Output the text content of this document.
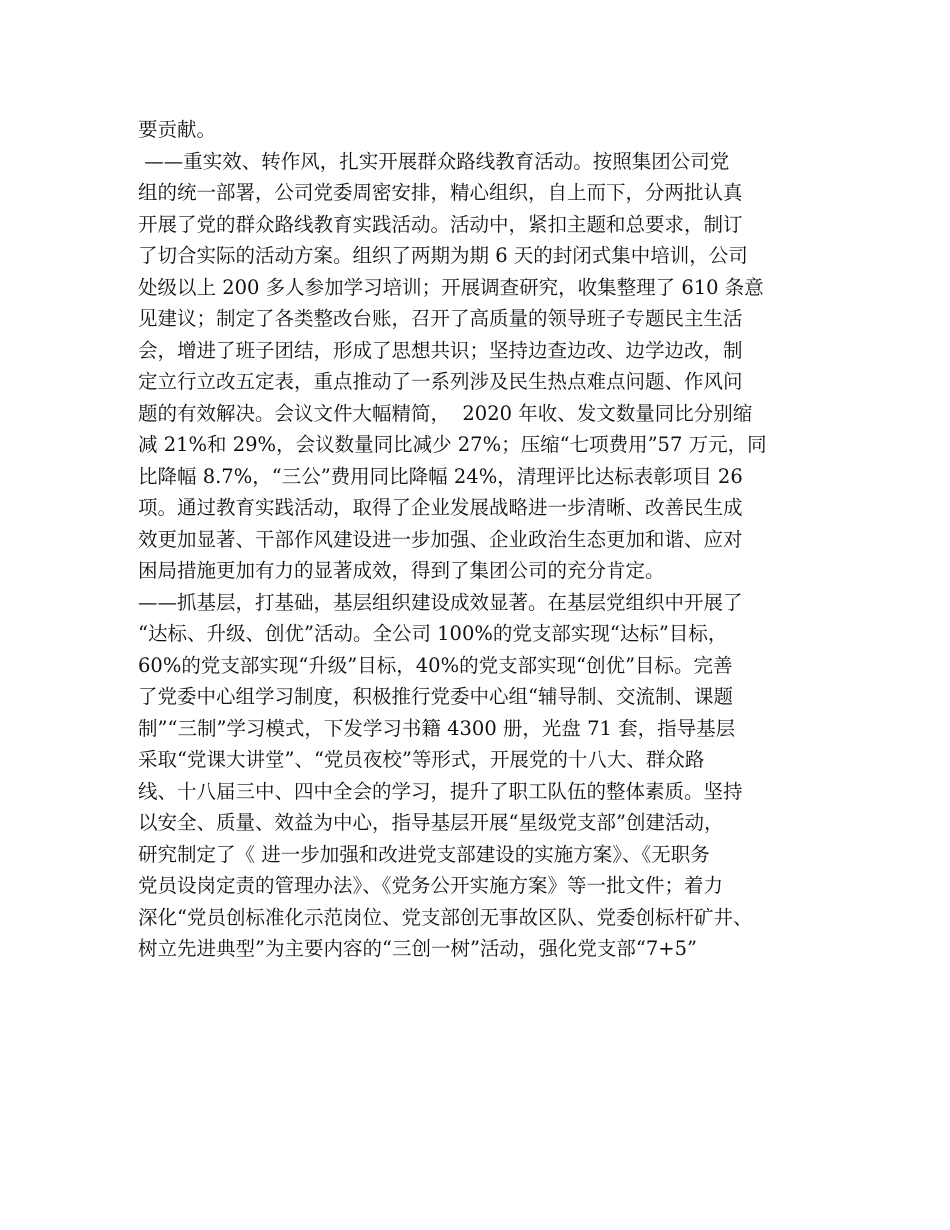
要贡献。
——重实效、转作风，扎实开展群众路线教育活动。按照集团公司党
组的统一部署，公司党委周密安排，精心组织，自上而下，分两批认真
开展了党的群众路线教育实践活动。活动中，紧扣主题和总要求，制订
了切合实际的活动方案。组织了两期为期 6 天的封闭式集中培训，公司
处级以上 200 多人参加学习培训；开展调查研究，收集整理了 610 条意
见建议；制定了各类整改台账，召开了高质量的领导班子专题民主生活
会，增进了班子团结，形成了思想共识；坚持边查边改、边学边改，制
定立行立改五定表，重点推动了一系列涉及民生热点难点问题、作风问
题的有效解决。会议文件大幅精简，  2020 年收、发文数量同比分别缩
减 21%和 29%，会议数量同比减少 27%；压缩“七项费用”57 万元，同
比降幅 8.7%，“三公”费用同比降幅 24%，清理评比达标表彰项目 26
项。通过教育实践活动，取得了企业发展战略进一步清晰、改善民生成
效更加显著、干部作风建设进一步加强、企业政治生态更加和谐、应对
困局措施更加有力的显著成效，得到了集团公司的充分肯定。
——抓基层，打基础，基层组织建设成效显著。在基层党组织中开展了
“达标、升级、创优”活动。全公司 100%的党支部实现“达标”目标，
60%的党支部实现“升级”目标，40%的党支部实现“创优”目标。完善
了党委中心组学习制度，积极推行党委中心组“辅导制、交流制、课题
制”“三制”学习模式，下发学习书籍 4300 册，光盘 71 套，指导基层
采取“党课大讲堂”、“党员夜校”等形式，开展党的十八大、群众路
线、十八届三中、四中全会的学习，提升了职工队伍的整体素质。坚持
以安全、质量、效益为中心，指导基层开展“星级党支部”创建活动，
研究制定了《 进一步加强和改进党支部建设的实施方案》、《无职务
党员设岗定责的管理办法》、《党务公开实施方案》等一批文件；着力
深化“党员创标准化示范岗位、党支部创无事故区队、党委创标杆矿井、
树立先进典型”为主要内容的“三创一树”活动，强化党支部“7+5”
